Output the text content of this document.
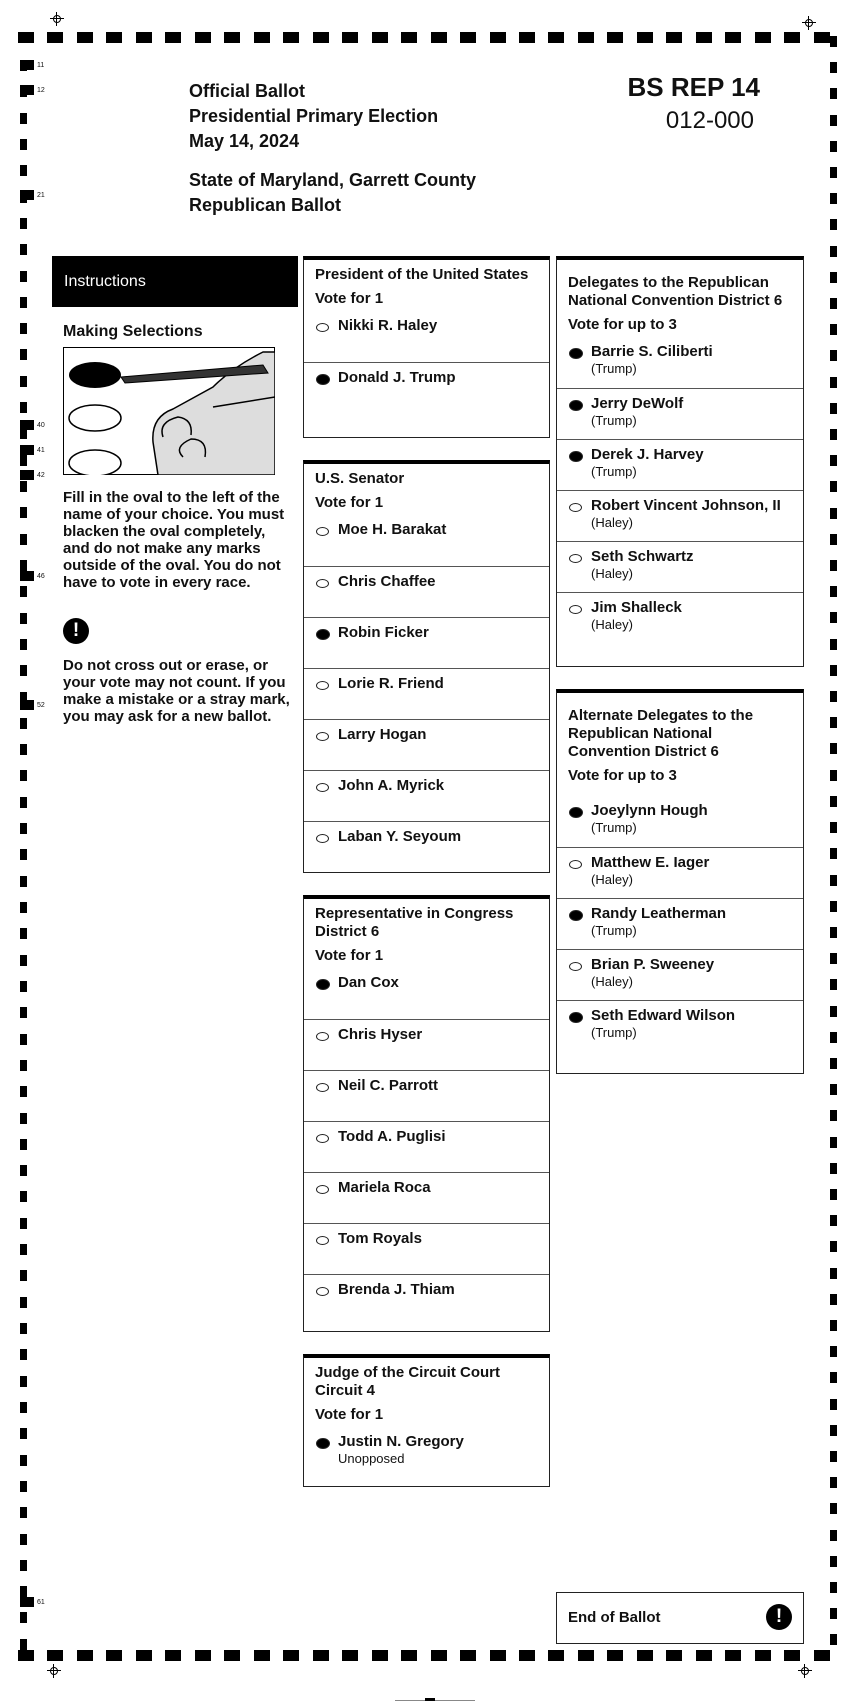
11
12
21
40
41
42
46
52
61
Official Ballot
Presidential Primary Election
May 14, 2024
State of Maryland, Garrett County
Republican Ballot
BS REP 14
012-000
Instructions
Making Selections
Fill in the oval to the left of the name of your choice. You must blacken the oval completely, and do not make any marks outside of the oval. You do not have to vote in every race.
!
Do not cross out or erase, or your vote may not count. If you make a mistake or a stray mark, you may ask for a new ballot.
President of the United States
Vote for 1
Nikki R. Haley
Donald J. Trump
U.S. Senator
Vote for 1
Moe H. Barakat
Chris Chaffee
Robin Ficker
Lorie R. Friend
Larry Hogan
John A. Myrick
Laban Y. Seyoum
Representative in Congress District 6
Vote for 1
Dan Cox
Chris Hyser
Neil C. Parrott
Todd A. Puglisi
Mariela Roca
Tom Royals
Brenda J. Thiam
Judge of the Circuit Court Circuit 4
Vote for 1
Justin N. Gregory
Unopposed
Delegates to the Republican National Convention District 6
Vote for up to 3
Barrie S. Ciliberti
(Trump)
Jerry DeWolf
(Trump)
Derek J. Harvey
(Trump)
Robert Vincent Johnson, II
(Haley)
Seth Schwartz
(Haley)
Jim Shalleck
(Haley)
Alternate Delegates to the Republican National Convention District 6
Vote for up to 3
Joeylynn Hough
(Trump)
Matthew E. Iager
(Haley)
Randy Leatherman
(Trump)
Brian P. Sweeney
(Haley)
Seth Edward Wilson
(Trump)
End of Ballot	!
